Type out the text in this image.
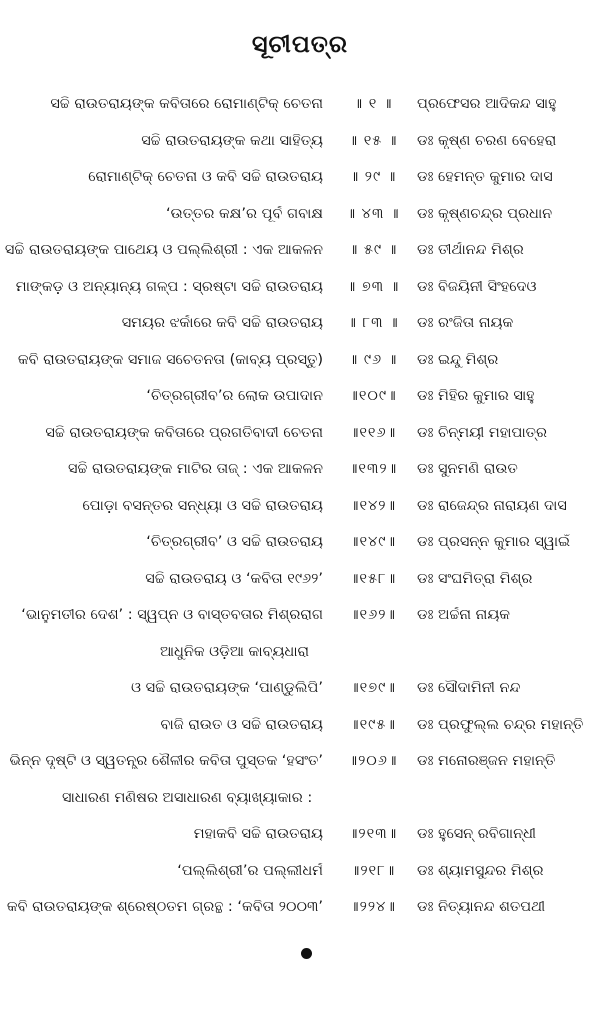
ସୂଚୀପତ୍ର
ସଚ୍ଚି ରାଉତରାୟଙ୍କ କବିତାରେ ରୋମାଣ୍ଟିକ୍ ଚେତନା	॥ ୧ ॥	ପ୍ରଫେସର ଆଦିକନ୍ଦ ସାହୁ
ସଚ୍ଚି ରାଉତରାୟଙ୍କ କଥା ସାହିତ୍ୟ	॥ ୧୫ ॥	ଡଃ କୃଷ୍ଣ ଚରଣ ବେହେରା
ରୋମାଣ୍ଟିକ୍ ଚେତନା ଓ କବି ସଚ୍ଚି ରାଉତରାୟ	॥ ୨୯ ॥	ଡଃ ହେମନ୍ତ କୁମାର ଦାସ
‘ଉତ୍ତର କକ୍ଷ’ର ପୂର୍ବ ଗବାକ୍ଷ	॥ ୪୩ ॥	ଡଃ କୃଷ୍ଣଚନ୍ଦ୍ର ପ୍ରଧାନ
ସଚ୍ଚି ରାଉତରାୟଙ୍କ ପାଥେୟ ଓ ପଲ୍ଲିଶ୍ରୀ : ଏକ ଆକଳନ	॥ ୫୯ ॥	ଡଃ ତୀର୍ଥାନନ୍ଦ ମିଶ୍ର
ମାଙ୍କଡ଼ ଓ ଅନ୍ୟାନ୍ୟ ଗଳ୍ପ : ସ୍ରଷ୍ଟା ସଚ୍ଚି ରାଉତରାୟ	॥ ୭୩ ॥	ଡଃ ବିଜୟିନୀ ସିଂହଦେଓ
ସମୟର ଝର୍କାରେ କବି ସଚ୍ଚି ରାଉତରାୟ	॥ ୮୩ ॥	ଡଃ ରଂଜିତା ନାୟକ
କବି ରାଉତରାୟଙ୍କ ସମାଜ ସଚେତନତା (କାବ୍ୟ ପ୍ରସ୍ତୁ)	॥ ୯୬ ॥	ଡଃ ଇନ୍ଦୁ ମିଶ୍ର
‘ଚିତ୍ରଗ୍ରୀବ’ର ଲୋକ ଉପାଦାନ	॥୧୦୯॥	ଡଃ ମିହିର କୁମାର ସାହୁ
ସଚ୍ଚି ରାଉତରାୟଙ୍କ କବିତାରେ ପ୍ରଗତିବାଦୀ ଚେତନା	॥୧୧୬॥	ଡଃ ଚିନ୍ମୟୀ ମହାପାତ୍ର
ସଚ୍ଚି ରାଉତରାୟଙ୍କ ମାଟିର ତାଜ୍ : ଏକ ଆକଳନ	॥୧୩୨॥	ଡଃ ସୁନମଣି ରାଉତ
ପୋଡ଼ା ବସନ୍ତର ସନ୍ଧ୍ୟା ଓ ସଚ୍ଚି ରାଉତରାୟ	॥୧୪୨॥	ଡଃ ରାଜେନ୍ଦ୍ର ନାରାୟଣ ଦାସ
‘ଚିତ୍ରଗ୍ରୀବ’ ଓ ସଚ୍ଚି ରାଉତରାୟ	॥୧୪୯॥	ଡଃ ପ୍ରସନ୍ନ କୁମାର ସ୍ୱାଇଁ
ସଚ୍ଚି ରାଉତରାୟ ଓ ‘କବିତା ୧୯୬୨’	॥୧୫୮॥	ଡଃ ସଂଘମିତ୍ରା ମିଶ୍ର
‘ଭାନୁମତୀର ଦେଶ’ : ସ୍ୱପ୍ନ ଓ ବାସ୍ତବତାର ମିଶ୍ରରାଗ	॥୧୬୨॥	ଡଃ ଅର୍ଚ୍ଚନା ନାୟକ
ଆଧୁନିକ ଓଡ଼ିଆ କାବ୍ୟଧାରା
ଓ ସଚ୍ଚି ରାଉତରାୟଙ୍କ ‘ପାଣ୍ଡୁଲିପି’	॥୧୭୯॥	ଡଃ ସୌଦାମିନୀ ନନ୍ଦ
ବାଜି ରାଉତ ଓ ସଚ୍ଚି ରାଉତରାୟ	॥୧୯୫॥	ଡଃ ପ୍ରଫୁଲ୍ଲ ଚନ୍ଦ୍ର ମହାନ୍ତି
ଭିନ୍ନ ଦୃଷ୍ଟି ଓ ସ୍ୱତନ୍ତ୍ର ଶୈଳୀର କବିତା ପୁସ୍ତକ ‘ହସଂତ’	॥୨୦୬॥	ଡଃ ମନୋରଞ୍ଜନ ମହାନ୍ତି
ସାଧାରଣ ମଣିଷର ଅସାଧାରଣ ବ୍ୟାଖ୍ୟାକାର :
ମହାକବି ସଚ୍ଚି ରାଉତରାୟ	॥୨୧୩॥	ଡଃ ହୁସେନ୍ ରବିଗାନ୍ଧୀ
‘ପଲ୍ଲିଶ୍ରୀ’ର ପଲ୍ଲୀଧର୍ମ	॥୨୧୮॥	ଡଃ ଶ୍ୟାମସୁନ୍ଦର ମିଶ୍ର
କବି ରାଉତରାୟଙ୍କ ଶ୍ରେଷ୍ଠତମ ଗ୍ରନ୍ଥ : ‘କବିତା ୨୦୦୩’	॥୨୨୪॥	ଡଃ ନିତ୍ୟାନନ୍ଦ ଶତପଥୀ
